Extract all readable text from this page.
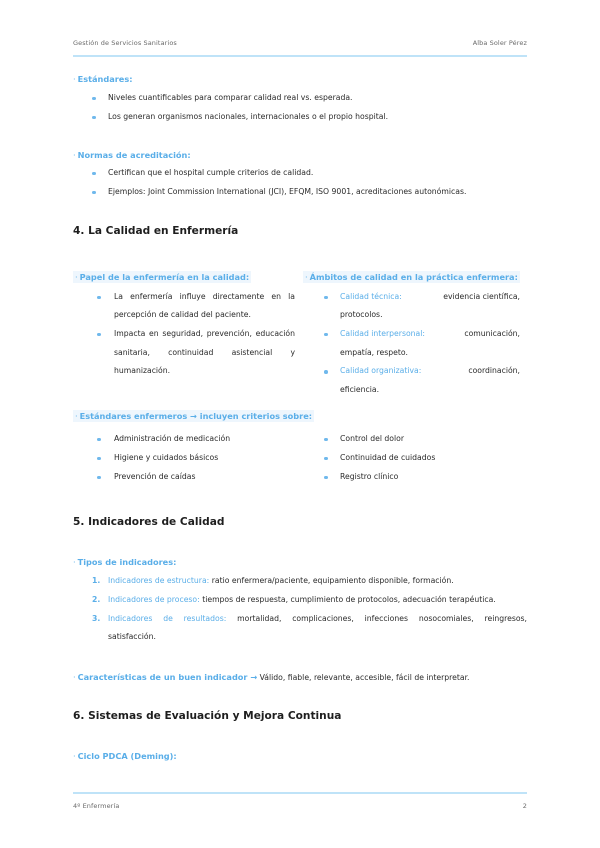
Gestión de Servicios Sanitarios	Alba Soler Pérez
· Estándares:
Niveles cuantificables para comparar calidad real vs. esperada.
Los generan organismos nacionales, internacionales o el propio hospital.
· Normas de acreditación:
Certifican que el hospital cumple criterios de calidad.
Ejemplos: Joint Commission International (JCI), EFQM, ISO 9001, acreditaciones autonómicas.
4. La Calidad en Enfermería
· Papel de la enfermería en la calidad:	· Ámbitos de calidad en la práctica enfermera:
La enfermería influye directamente en la
percepción de calidad del paciente.
Impacta en seguridad, prevención, educación
sanitaria, continuidad asistencial y
humanización.
Calidad técnica:	evidencia científica,
protocolos.
Calidad interpersonal:	comunicación,
empatía, respeto.
Calidad organizativa:	coordinación,
eficiencia.
· Estándares enfermeros → incluyen criterios sobre:
Administración de medicación
Higiene y cuidados básicos
Prevención de caídas
Control del dolor
Continuidad de cuidados
Registro clínico
5. Indicadores de Calidad
· Tipos de indicadores:
1. Indicadores de estructura: ratio enfermera/paciente, equipamiento disponible, formación.
2. Indicadores de proceso: tiempos de respuesta, cumplimiento de protocolos, adecuación terapéutica.
3. Indicadores de resultados: mortalidad, complicaciones, infecciones nosocomiales, reingresos,
satisfacción.
· Características de un buen indicador → Válido, fiable, relevante, accesible, fácil de interpretar.
6. Sistemas de Evaluación y Mejora Continua
· Ciclo PDCA (Deming):
4º Enfermería	2
